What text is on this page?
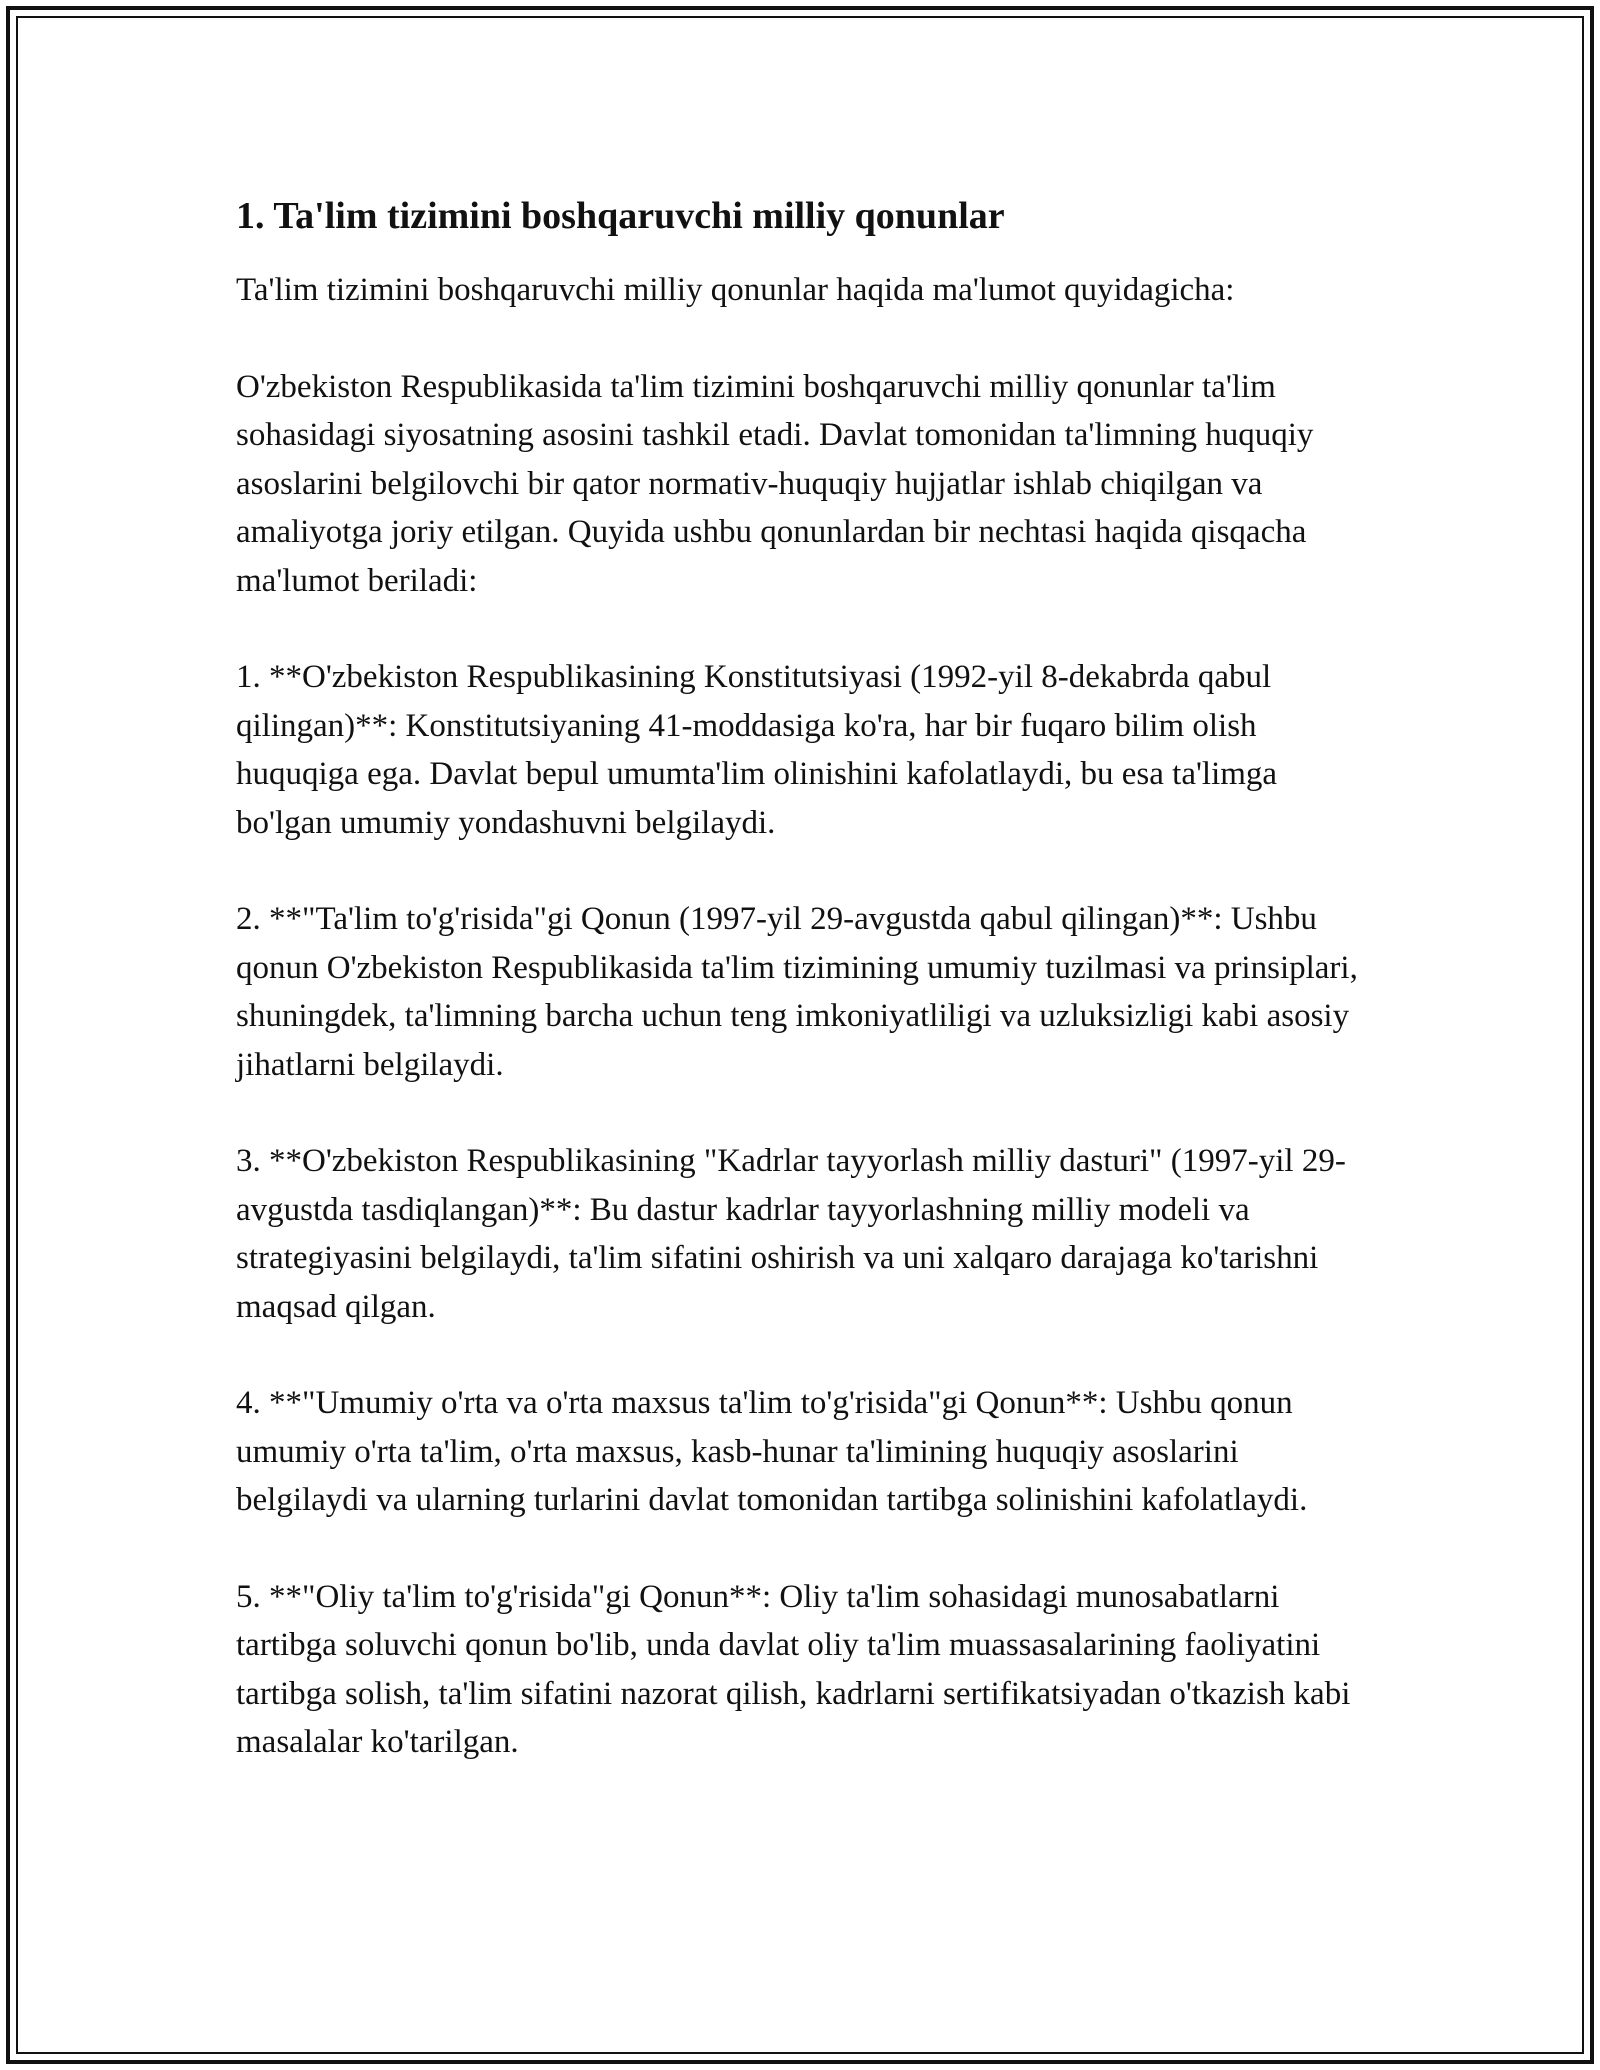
1. Ta'lim tizimini boshqaruvchi milliy qonunlar

Ta'lim tizimini boshqaruvchi milliy qonunlar haqida ma'lumot quyidagicha:

O'zbekiston Respublikasida ta'lim tizimini boshqaruvchi milliy qonunlar ta'lim sohasidagi siyosatning asosini tashkil etadi. Davlat tomonidan ta'limning huquqiy asoslarini belgilovchi bir qator normativ-huquqiy hujjatlar ishlab chiqilgan va amaliyotga joriy etilgan. Quyida ushbu qonunlardan bir nechtasi haqida qisqacha ma'lumot beriladi:

1. **O'zbekiston Respublikasining Konstitutsiyasi (1992-yil 8-dekabrda qabul qilingan)**: Konstitutsiyaning 41-moddasiga ko'ra, har bir fuqaro bilim olish huquqiga ega. Davlat bepul umumta'lim olinishini kafolatlaydi, bu esa ta'limga bo'lgan umumiy yondashuvni belgilaydi.

2. **"Ta'lim to'g'risida"gi Qonun (1997-yil 29-avgustda qabul qilingan)**: Ushbu qonun O'zbekiston Respublikasida ta'lim tizimining umumiy tuzilmasi va prinsiplari, shuningdek, ta'limning barcha uchun teng imkoniyatliligi va uzluksizligi kabi asosiy jihatlarni belgilaydi.

3. **O'zbekiston Respublikasining "Kadrlar tayyorlash milliy dasturi" (1997-yil 29-avgustda tasdiqlangan)**: Bu dastur kadrlar tayyorlashning milliy modeli va strategiyasini belgilaydi, ta'lim sifatini oshirish va uni xalqaro darajaga ko'tarishni maqsad qilgan.

4. **"Umumiy o'rta va o'rta maxsus ta'lim to'g'risida"gi Qonun**: Ushbu qonun umumiy o'rta ta'lim, o'rta maxsus, kasb-hunar ta'limining huquqiy asoslarini belgilaydi va ularning turlarini davlat tomonidan tartibga solinishini kafolatlaydi.

5. **"Oliy ta'lim to'g'risida"gi Qonun**: Oliy ta'lim sohasidagi munosabatlarni tartibga soluvchi qonun bo'lib, unda davlat oliy ta'lim muassasalarining faoliyatini tartibga solish, ta'lim sifatini nazorat qilish, kadrlarni sertifikatsiyadan o'tkazish kabi masalalar ko'tarilgan.
